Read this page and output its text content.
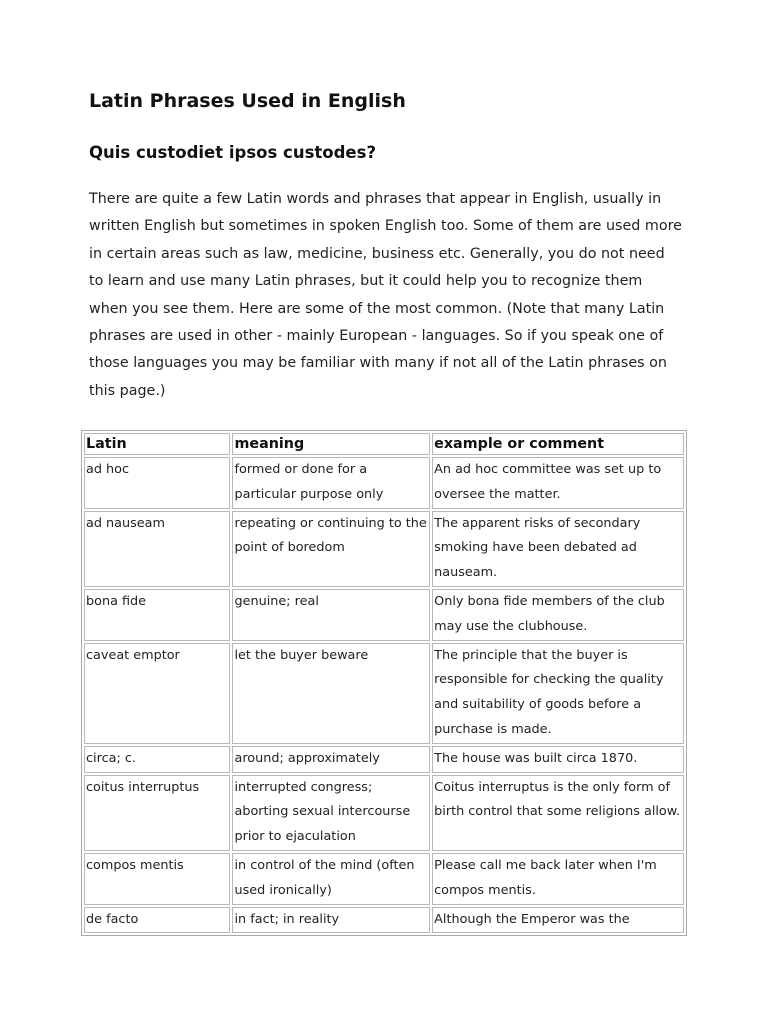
Latin Phrases Used in English
Quis custodiet ipsos custodes?

There are quite a few Latin words and phrases that appear in English, usually in written English but sometimes in spoken English too. Some of them are used more in certain areas such as law, medicine, business etc. Generally, you do not need to learn and use many Latin phrases, but it could help you to recognize them when you see them. Here are some of the most common. (Note that many Latin phrases are used in other - mainly European - languages. So if you speak one of those languages you may be familiar with many if not all of the Latin phrases on this page.)

Latin	meaning	example or comment
ad hoc	formed or done for a particular purpose only	An ad hoc committee was set up to oversee the matter.
ad nauseam	repeating or continuing to the point of boredom	The apparent risks of secondary smoking have been debated ad nauseam.
bona fide	genuine; real	Only bona fide members of the club may use the clubhouse.
caveat emptor	let the buyer beware	The principle that the buyer is responsible for checking the quality and suitability of goods before a purchase is made.
circa; c.	around; approximately	The house was built circa 1870.
coitus interruptus	interrupted congress; aborting sexual intercourse prior to ejaculation	Coitus interruptus is the only form of birth control that some religions allow.
compos mentis	in control of the mind (often used ironically)	Please call me back later when I'm compos mentis.
de facto	in fact; in reality	Although the Emperor was the
